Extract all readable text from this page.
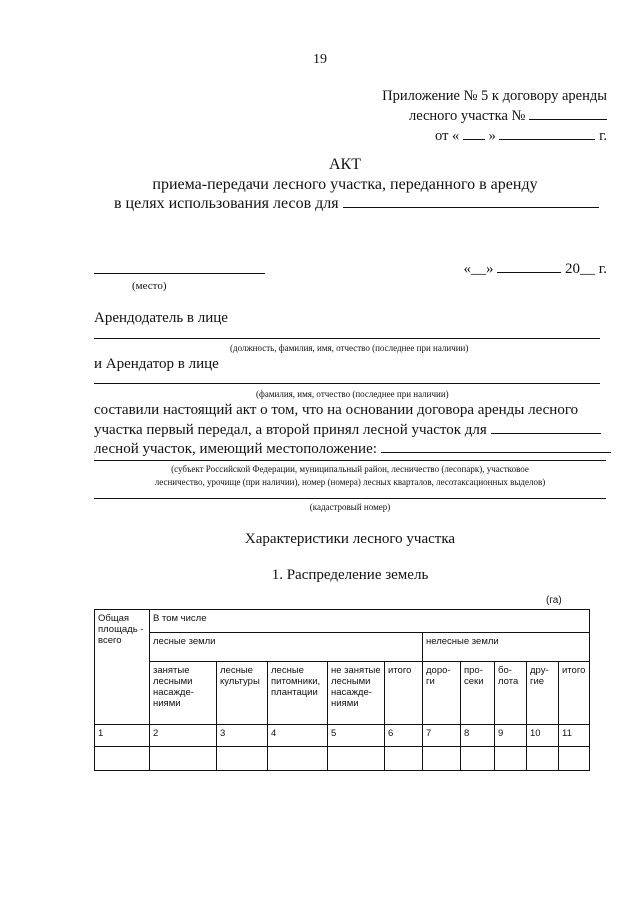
19
Приложение № 5 к договору аренды
лесного участка №
от «  »	г.
АКТ
приема-передачи лесного участка, переданного в аренду
в целях использования лесов для
(место)
«__»	20__ г.
Арендодатель в лице
(должность, фамилия, имя, отчество (последнее при наличии)
и Арендатор в лице
(фамилия, имя, отчество (последнее при наличии)
составили настоящий акт о том, что на основании договора аренды лесного
участка первый передал, а второй принял лесной участок для
лесной участок, имеющий местоположение:
(субъект Российской Федерации, муниципальный район, лесничество (лесопарк), участковое
лесничество, урочище (при наличии), номер (номера) лесных кварталов, лесотаксационных выделов)
(кадастровый номер)
Характеристики лесного участка
1. Распределение земель
(га)
Общая площадь - всего	В том числе									
	лесные земли					нелесные земли				
	занятые лесными насажде-ниями	лесные культуры	лесные питомники, плантации	не занятые лесными насажде-ниями	итого	доро-ги	про-секи	бо-лота	дру-гие	итого
1	2	3	4	5	6	7	8	9	10	11
